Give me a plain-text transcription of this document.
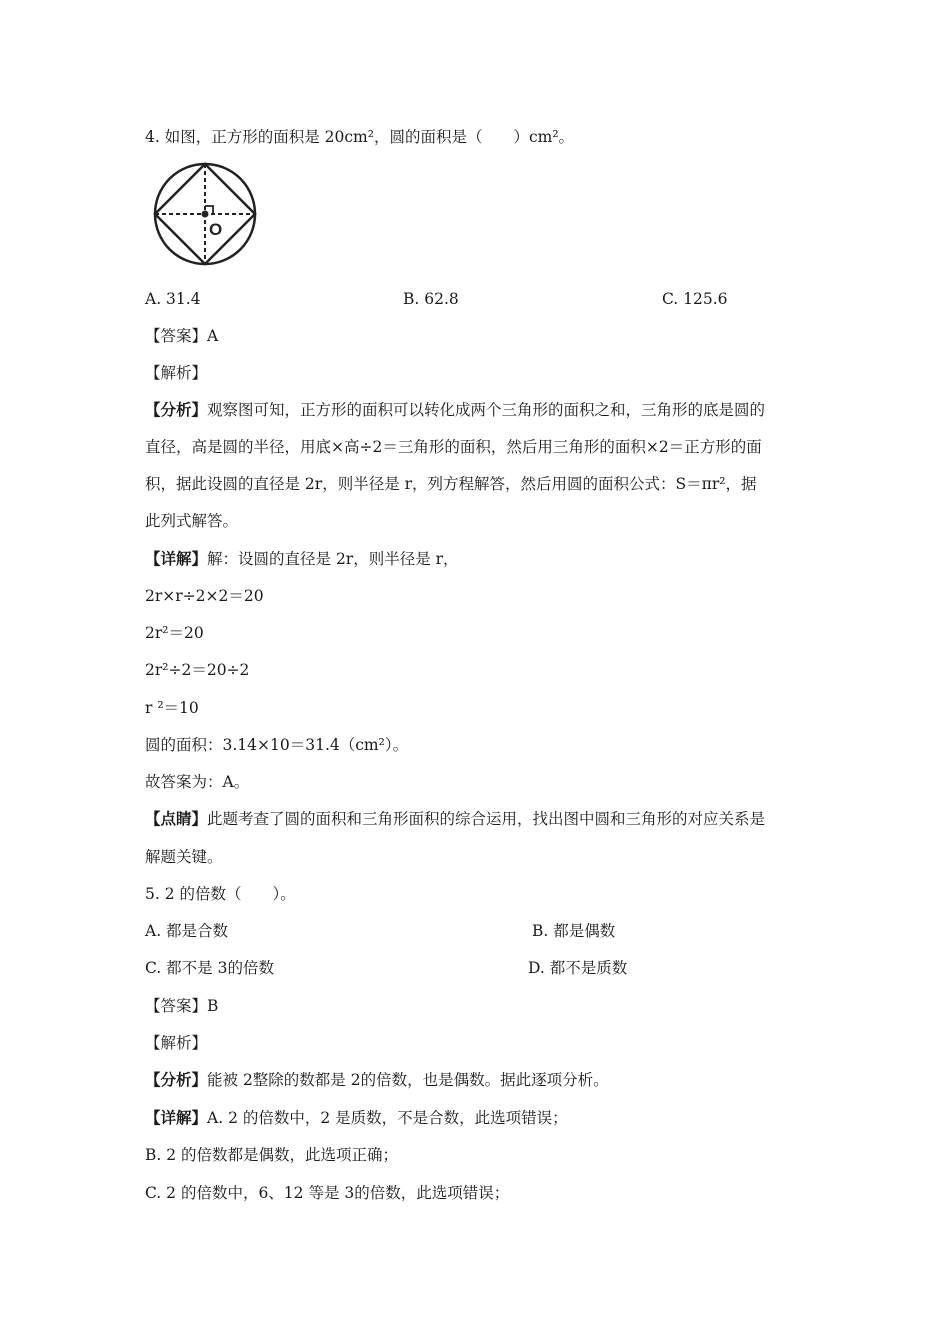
4. 如图，正方形的面积是 20cm²，圆的面积是（　　）cm²。
O
A. 31.4	B. 62.8	C. 125.6
【答案】A
【解析】
【分析】观察图可知，正方形的面积可以转化成两个三角形的面积之和，三角形的底是圆的
直径，高是圆的半径，用底×高÷2＝三角形的面积，然后用三角形的面积×2＝正方形的面
积，据此设圆的直径是 2r，则半径是 r，列方程解答，然后用圆的面积公式：S＝πr²，据
此列式解答。
【详解】解：设圆的直径是 2r，则半径是 r，
2r×r÷2×2＝20
2r²＝20
2r²÷2＝20÷2
r ²＝10
圆的面积：3.14×10＝31.4（cm²）。
故答案为：A。
【点睛】此题考查了圆的面积和三角形面积的综合运用，找出图中圆和三角形的对应关系是
解题关键。
5. 2 的倍数（　　）。
A. 都是合数	B. 都是偶数
C. 都不是 3的倍数	D. 都不是质数
【答案】B
【解析】
【分析】能被 2整除的数都是 2的倍数，也是偶数。据此逐项分析。
【详解】A. 2 的倍数中，2 是质数，不是合数，此选项错误；
B. 2 的倍数都是偶数，此选项正确；
C. 2 的倍数中，6、12 等是 3的倍数，此选项错误；
